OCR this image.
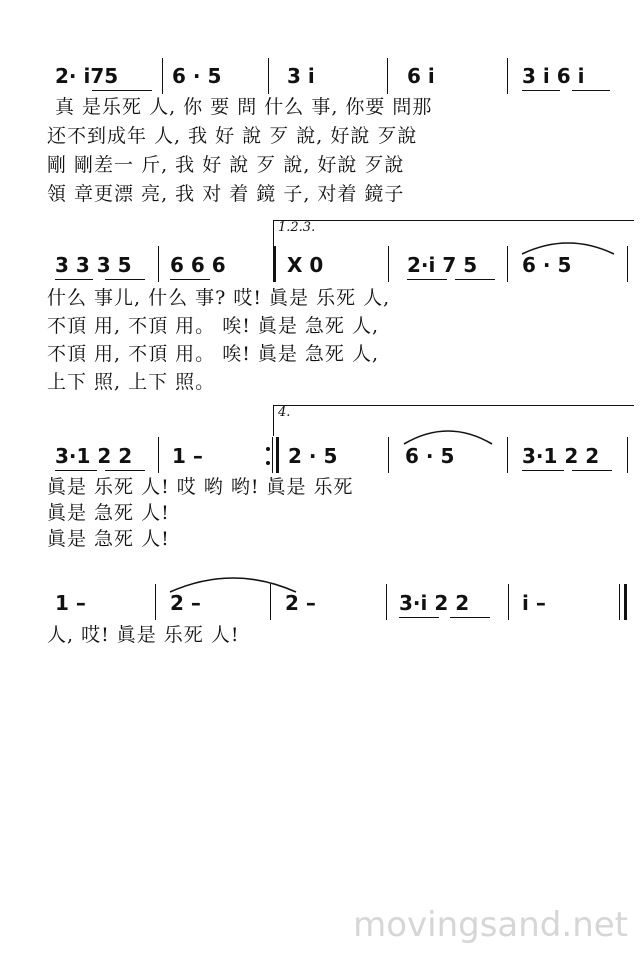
2· i75	6 · 5	3 i	6 i	3 i 6 i
真 是乐死 人, 你 要 問 什么 事, 你要 問那
还不到成年 人, 我 好 說 歹 說, 好說 歹說
剛 剛差一 斤, 我 好 說 歹 說, 好說 歹說
領 章更漂 亮, 我 对 着 鏡 子, 对着 鏡子
1.2.3.
3 3 3 5 6 6 6	X 0	2·i 7 5 6 · 5
什么 事儿, 什么 事? 哎! 眞是 乐死 人,
不頂 用, 不頂 用。 唉! 眞是 急死 人,
不頂 用, 不頂 用。 唉! 眞是 急死 人,
上下 照, 上下 照。
4.
3·1 2 2 1 –	2 · 5	6 · 5	3·1 2 2
眞是 乐死 人! 哎 哟 哟! 眞是 乐死
眞是 急死 人!
眞是 急死 人!
1 –	2 –	2 –	3·i 2 2	i –
人, 哎! 眞是 乐死 人!
movingsand.net
